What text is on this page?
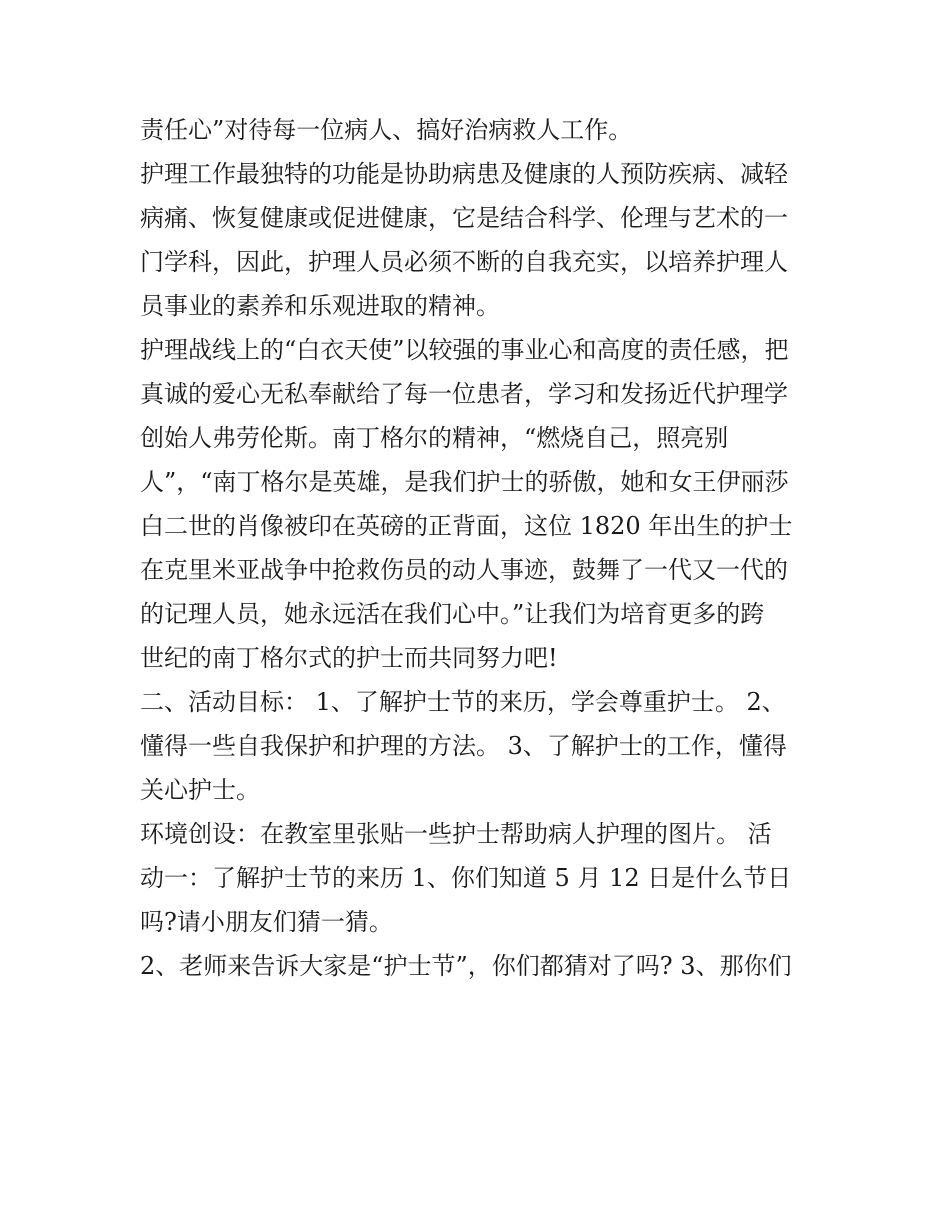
责任心”对待每一位病人、搞好治病救人工作。
护理工作最独特的功能是协助病患及健康的人预防疾病、减轻
病痛、恢复健康或促进健康，它是结合科学、伦理与艺术的一
门学科，因此，护理人员必须不断的自我充实，以培养护理人
员事业的素养和乐观进取的精神。
护理战线上的“白衣天使”以较强的事业心和高度的责任感，把
真诚的爱心无私奉献给了每一位患者，学习和发扬近代护理学
创始人弗劳伦斯。南丁格尔的精神，“燃烧自己，照亮别
人”，“南丁格尔是英雄，是我们护士的骄傲，她和女王伊丽莎
白二世的肖像被印在英磅的正背面，这位 1820 年出生的护士
在克里米亚战争中抢救伤员的动人事迹，鼓舞了一代又一代的
的记理人员，她永远活在我们心中。”让我们为培育更多的跨
世纪的南丁格尔式的护士而共同努力吧!
二、活动目标： 1、了解护士节的来历，学会尊重护士。 2、
懂得一些自我保护和护理的方法。 3、了解护士的工作，懂得
关心护士。
环境创设：在教室里张贴一些护士帮助病人护理的图片。 活
动一：了解护士节的来历 1、你们知道 5 月 12 日是什么节日
吗?请小朋友们猜一猜。
2、老师来告诉大家是“护士节”，你们都猜对了吗? 3、那你们
